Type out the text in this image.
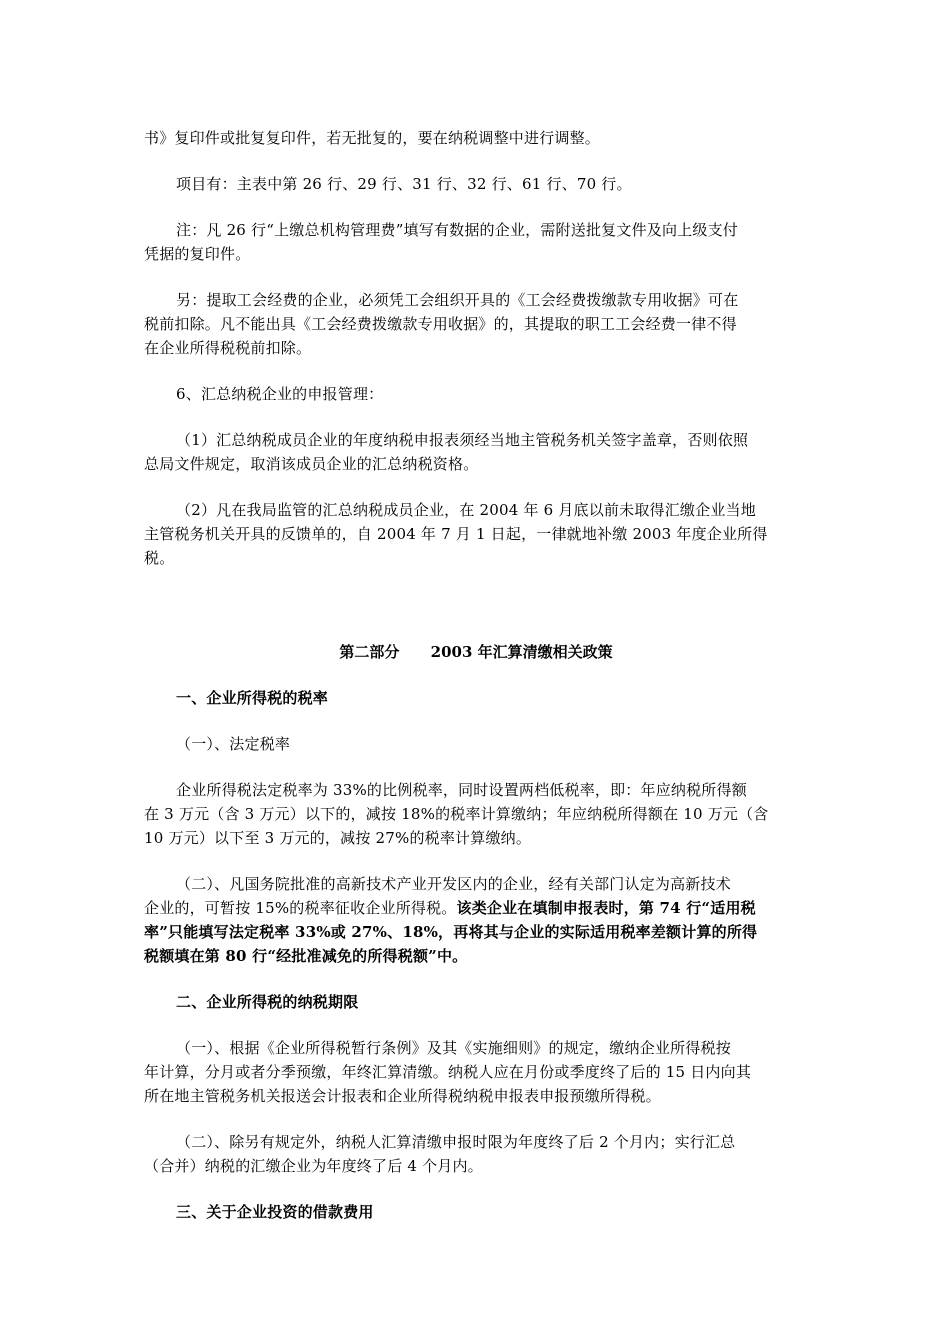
书》复印件或批复复印件，若无批复的，要在纳税调整中进行调整。
项目有：主表中第 26 行、29 行、31 行、32 行、61 行、70 行。
注：凡 26 行“上缴总机构管理费”填写有数据的企业，需附送批复文件及向上级支付
凭据的复印件。
另：提取工会经费的企业，必须凭工会组织开具的《工会经费拨缴款专用收据》可在
税前扣除。凡不能出具《工会经费拨缴款专用收据》的，其提取的职工工会经费一律不得
在企业所得税税前扣除。
6、汇总纳税企业的申报管理：
（1）汇总纳税成员企业的年度纳税申报表须经当地主管税务机关签字盖章，否则依照
总局文件规定，取消该成员企业的汇总纳税资格。
（2）凡在我局监管的汇总纳税成员企业，在 2004 年 6 月底以前未取得汇缴企业当地
主管税务机关开具的反馈单的，自 2004 年 7 月 1 日起，一律就地补缴 2003 年度企业所得
税。
第二部分      2003 年汇算清缴相关政策
一、企业所得税的税率
（一）、法定税率
企业所得税法定税率为 33%的比例税率，同时设置两档低税率，即：年应纳税所得额
在 3 万元（含 3 万元）以下的，减按 18%的税率计算缴纳；年应纳税所得额在 10 万元（含
10 万元）以下至 3 万元的，减按 27%的税率计算缴纳。
（二）、凡国务院批准的高新技术产业开发区内的企业，经有关部门认定为高新技术
企业的，可暂按 15%的税率征收企业所得税。该类企业在填制申报表时，第 74 行“适用税
率”只能填写法定税率 33%或 27%、18%，再将其与企业的实际适用税率差额计算的所得
税额填在第 80 行“经批准减免的所得税额”中。
二、企业所得税的纳税期限
（一）、根据《企业所得税暂行条例》及其《实施细则》的规定，缴纳企业所得税按
年计算，分月或者分季预缴，年终汇算清缴。纳税人应在月份或季度终了后的 15 日内向其
所在地主管税务机关报送会计报表和企业所得税纳税申报表申报预缴所得税。
（二）、除另有规定外，纳税人汇算清缴申报时限为年度终了后 2 个月内；实行汇总
（合并）纳税的汇缴企业为年度终了后 4 个月内。
三、关于企业投资的借款费用
